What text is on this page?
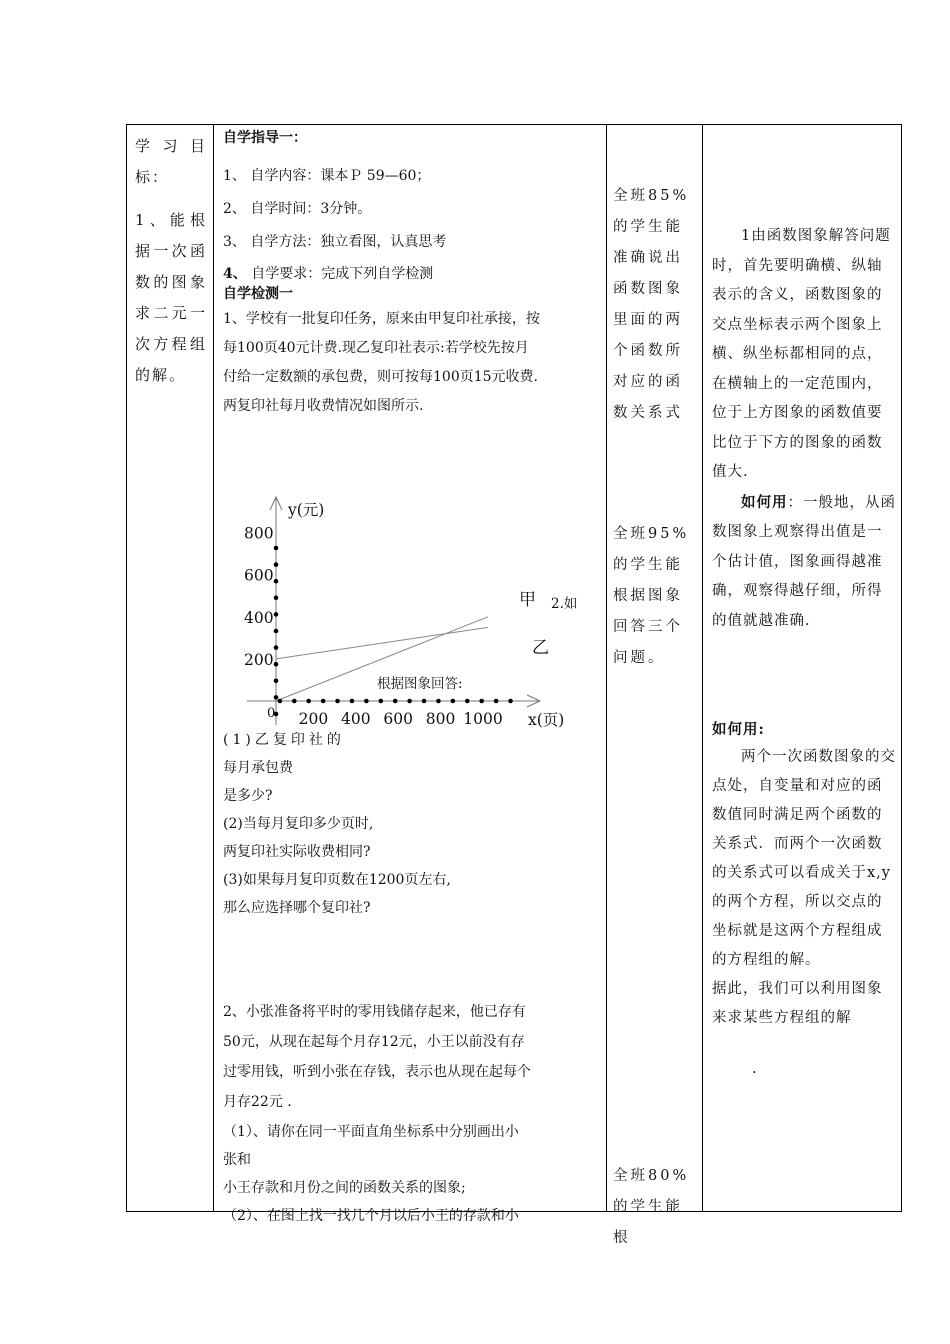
学习目标：
1、能根据一次函数的图象求二元一次方程组的解。
自学指导一：
1、 自学内容：课本Ｐ 59—60；
2、 自学时间：3分钟。
3、 自学方法：独立看图，认真思考
4、 自学要求：完成下列自学检测
自学检测一
1、学校有一批复印任务，原来由甲复印社承接，按
每100页40元计费.现乙复印社表示:若学校先按月
付给一定数额的承包费，则可按每100页15元收费.
两复印社每月收费情况如图所示.
(1)乙复印社的
每月承包费
是多少?
(2)当每月复印多少页时,
两复印社实际收费相同?
(3)如果每月复印页数在1200页左右,
那么应选择哪个复印社?
2、小张准备将平时的零用钱储存起来，他已存有
50元，从现在起每个月存12元，小王以前没有存
过零用钱，听到小张在存钱，表示也从现在起每个
月存22元 .
（1）、请你在同一平面直角坐标系中分别画出小
张和
小王存款和月份之间的函数关系的图象;
（2）、在图上找一找几个月以后小王的存款和小
全班85%的学生能准确说出函数图象里面的两个函数所对应的函数关系式
全班95%的学生能根据图象回答三个问题。
全班80%的学生能根

1由函数图象解答问题时，首先要明确横、纵轴表示的含义，函数图象的交点坐标表示两个图象上横、纵坐标都相同的点，在横轴上的一定范围内，位于上方图象的函数值要比位于下方的图象的函数值大.

如何用：一般地，从函数图象上观察得出值是一个估计值，图象画得越准确，观察得越仔细，所得的值就越准确.

如何用:

两个一次函数图象的交点处，自变量和对应的函数值同时满足两个函数的关系式．而两个一次函数的关系式可以看成关于x,y的两个方程，所以交点的坐标就是这两个方程组成的方程组的解。

据此，我们可以利用图象来求某些方程组的解

.
甲
乙
200
400
600
800
200 400 600 800 1000
0
y(元)
x(页)
2.如
根据图象回答:
